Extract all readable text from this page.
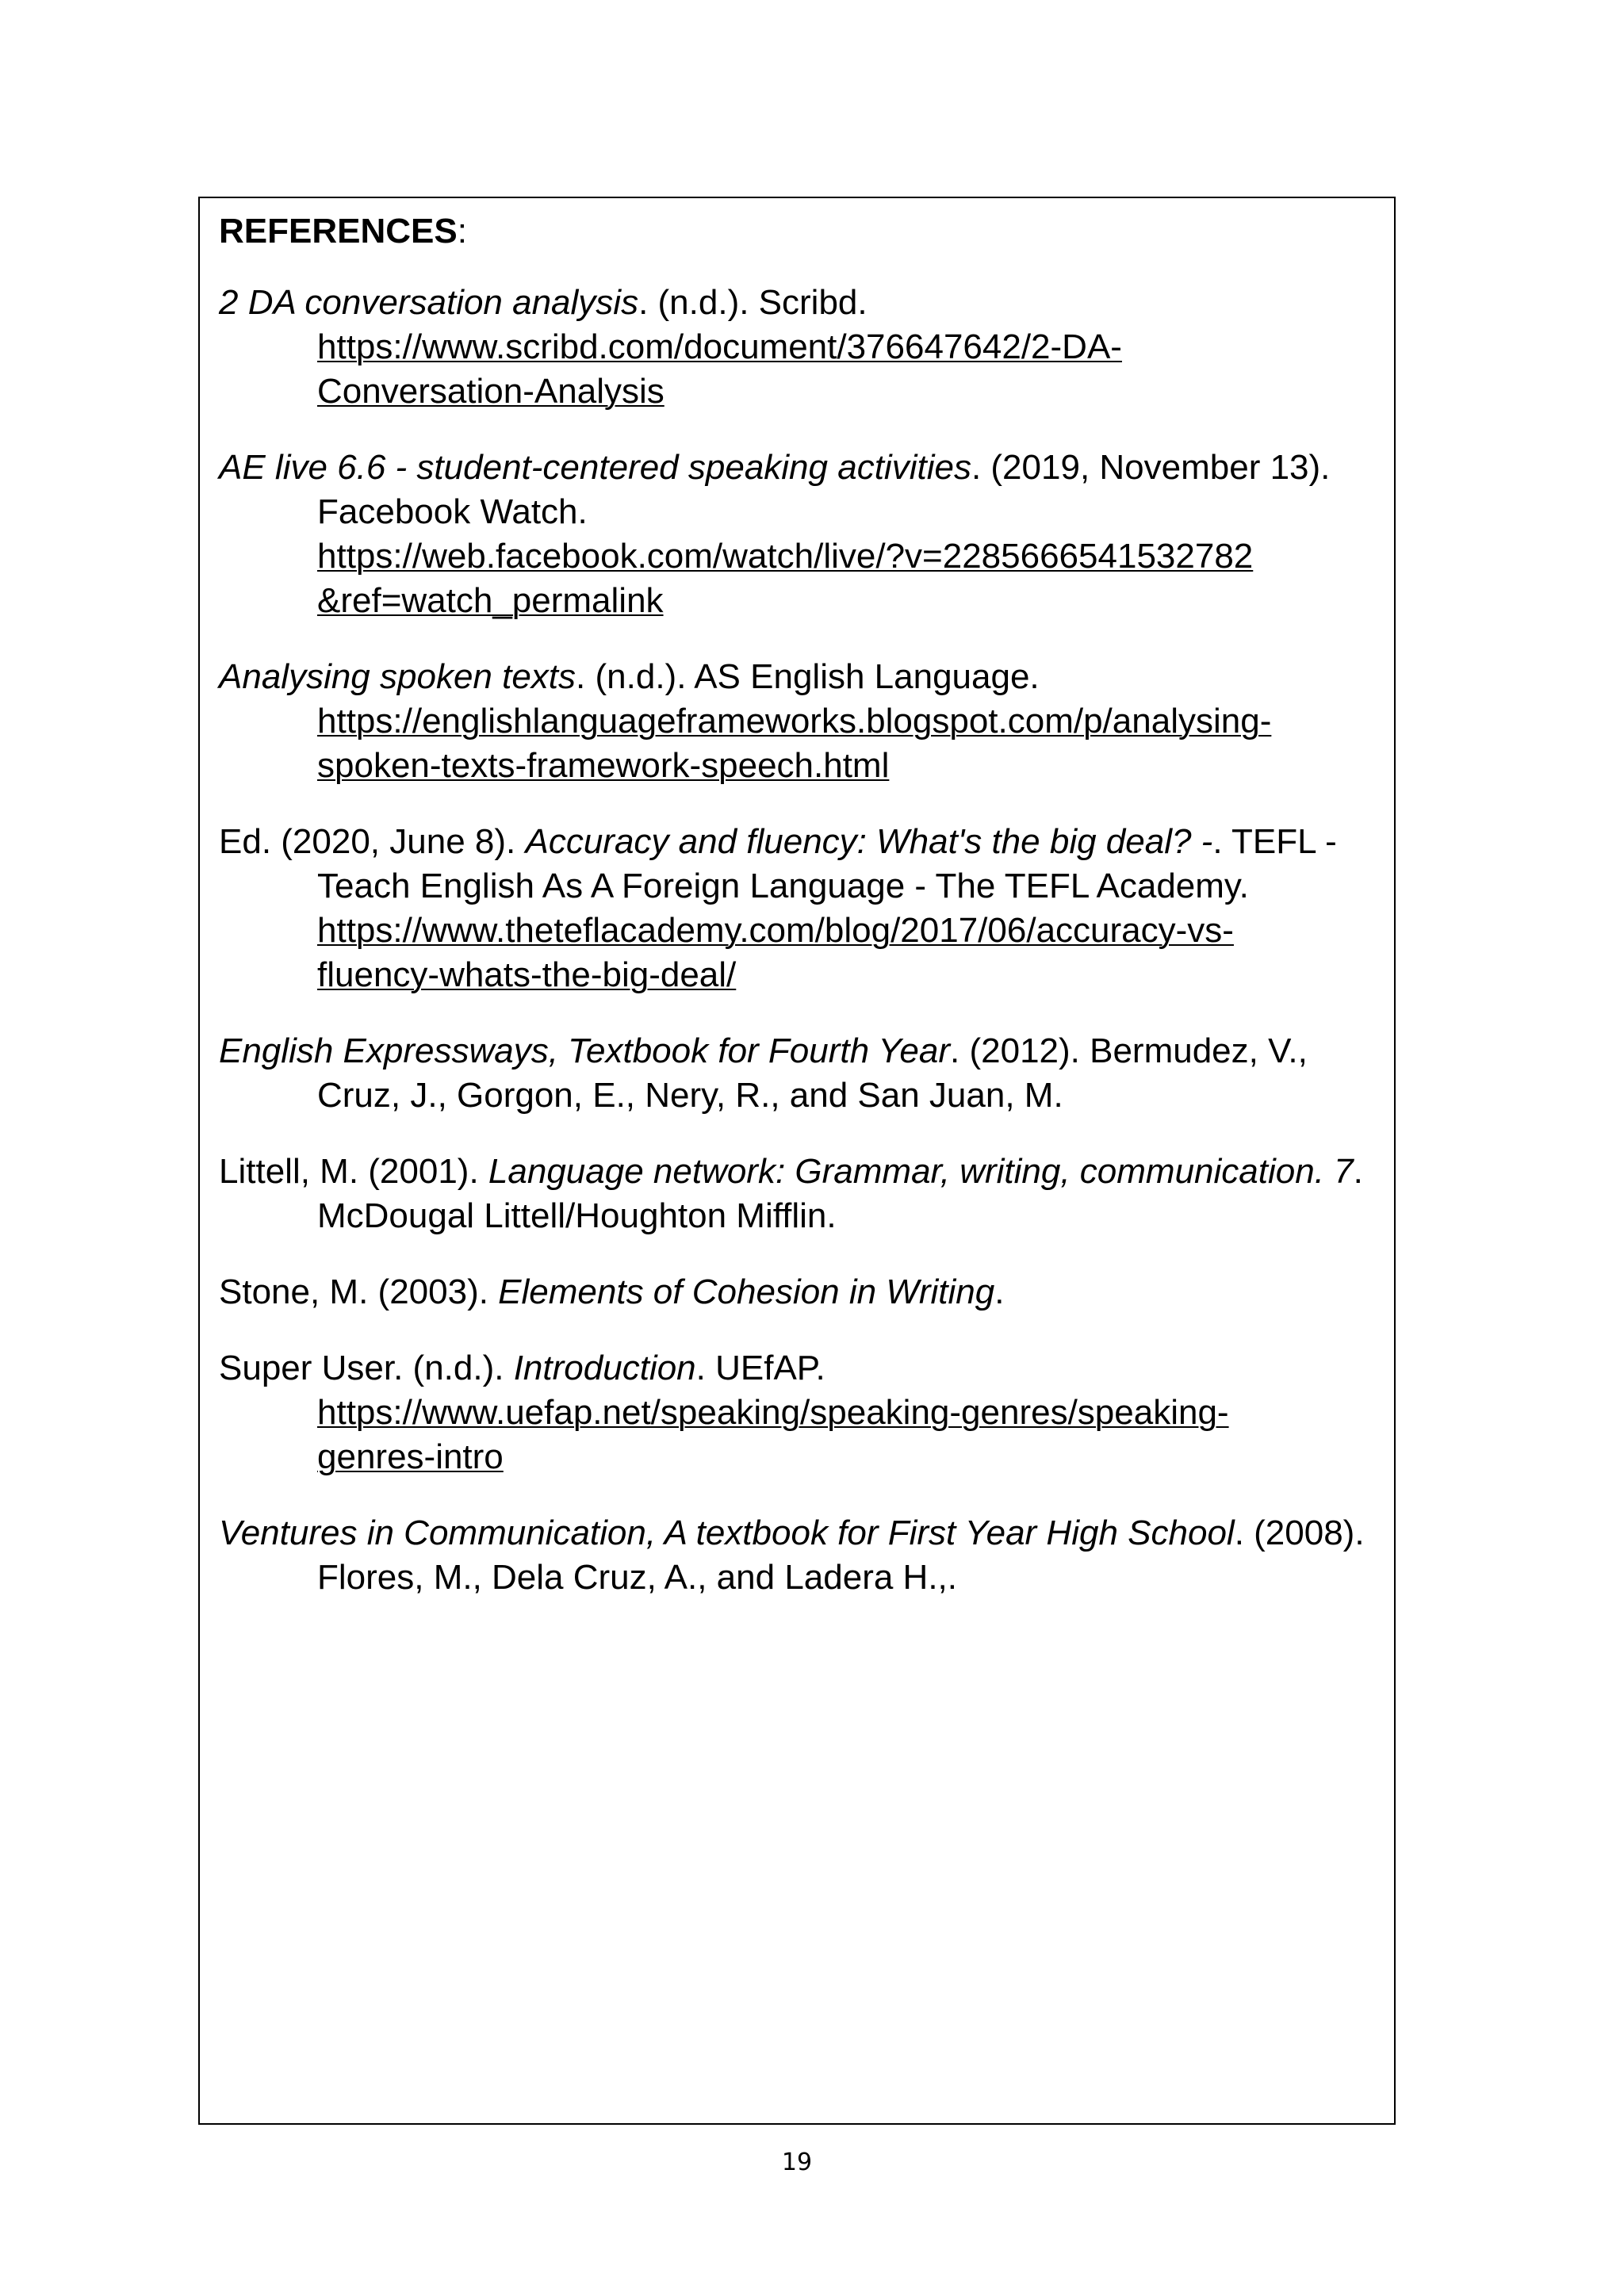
REFERENCES:
2 DA conversation analysis. (n.d.). Scribd.
https://www.scribd.com/document/376647642/2-DA-
Conversation-Analysis
AE live 6.6 - student-centered speaking activities. (2019, November 13). Facebook Watch.
https://web.facebook.com/watch/live/?v=2285666541532782
&ref=watch_permalink
Analysing spoken texts. (n.d.). AS English Language.
https://englishlanguageframeworks.blogspot.com/p/analysing-
spoken-texts-framework-speech.html
Ed. (2020, June 8). Accuracy and fluency: What's the big deal? -. TEFL - Teach English As A Foreign Language - The TEFL Academy.
https://www.theteflacademy.com/blog/2017/06/accuracy-vs-
fluency-whats-the-big-deal/
English Expressways, Textbook for Fourth Year. (2012). Bermudez, V., Cruz, J., Gorgon, E., Nery, R., and San Juan, M.
Littell, M. (2001). Language network: Grammar, writing, communication. 7. McDougal Littell/Houghton Mifflin.
Stone, M. (2003). Elements of Cohesion in Writing.
Super User. (n.d.). Introduction. UEfAP.
https://www.uefap.net/speaking/speaking-genres/speaking-
genres-intro
Ventures in Communication, A textbook for First Year High School. (2008). Flores, M., Dela Cruz, A., and Ladera H.,.
19
